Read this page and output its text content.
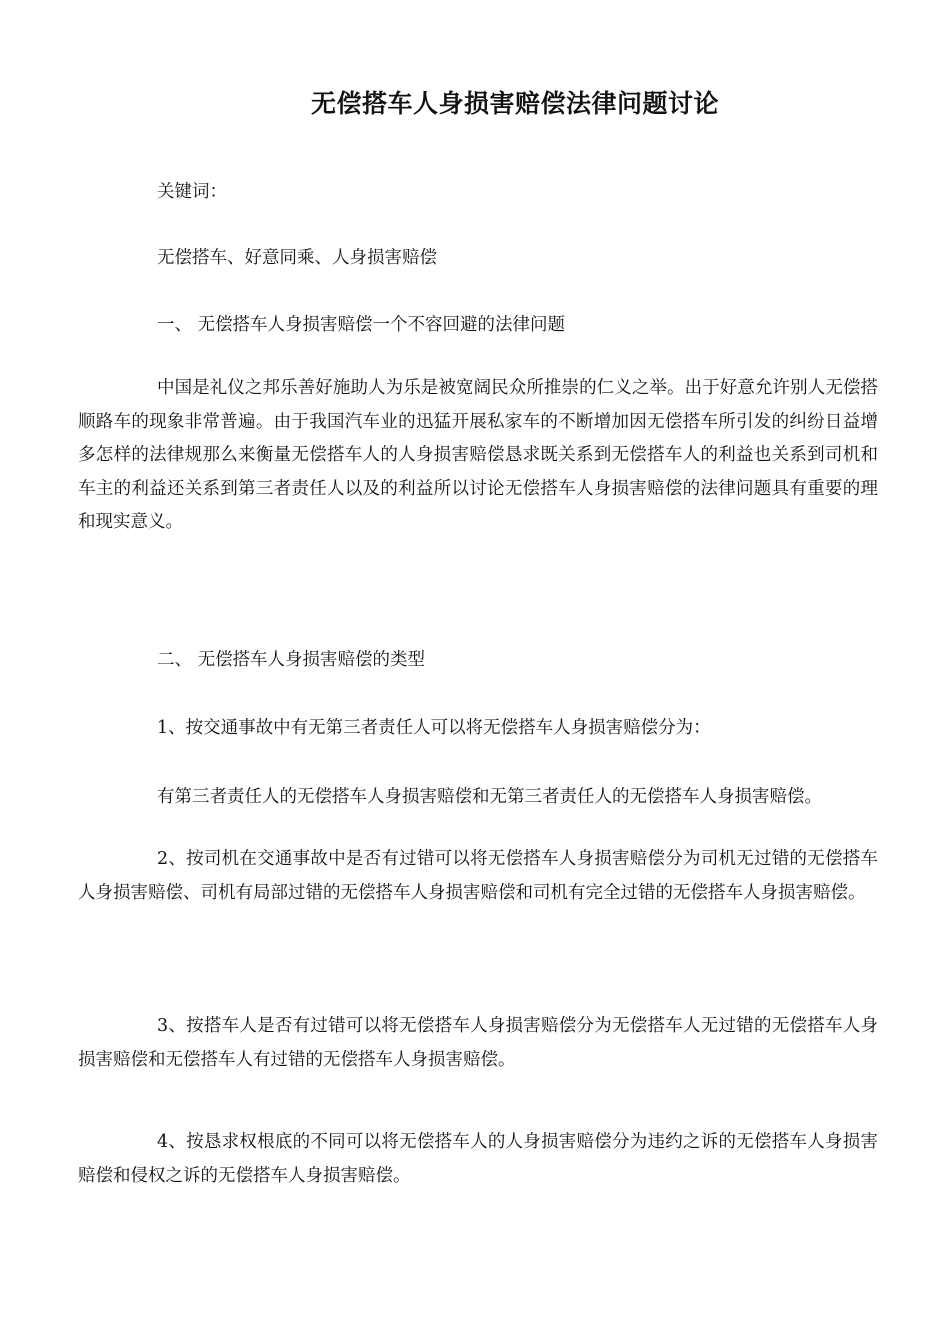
无偿搭车人身损害赔偿法律问题讨论
关键词：
无偿搭车、好意同乘、人身损害赔偿
一、 无偿搭车人身损害赔偿一个不容回避的法律问题

中国是礼仪之邦乐善好施助人为乐是被宽阔民众所推崇的仁义之举。出于好意允许别人无偿搭顺路车的现象非常普遍。由于我国汽车业的迅猛开展私家车的不断增加因无偿搭车所引发的纠纷日益增多怎样的法律规那么来衡量无偿搭车人的人身损害赔偿恳求既关系到无偿搭车人的利益也关系到司机和车主的利益还关系到第三者责任人以及的利益所以讨论无偿搭车人身损害赔偿的法律问题具有重要的理和现实意义。

二、 无偿搭车人身损害赔偿的类型
1、按交通事故中有无第三者责任人可以将无偿搭车人身损害赔偿分为：
有第三者责任人的无偿搭车人身损害赔偿和无第三者责任人的无偿搭车人身损害赔偿。

2、按司机在交通事故中是否有过错可以将无偿搭车人身损害赔偿分为司机无过错的无偿搭车人身损害赔偿、司机有局部过错的无偿搭车人身损害赔偿和司机有完全过错的无偿搭车人身损害赔偿。

3、按搭车人是否有过错可以将无偿搭车人身损害赔偿分为无偿搭车人无过错的无偿搭车人身损害赔偿和无偿搭车人有过错的无偿搭车人身损害赔偿。

4、按恳求权根底的不同可以将无偿搭车人的人身损害赔偿分为违约之诉的无偿搭车人身损害赔偿和侵权之诉的无偿搭车人身损害赔偿。
